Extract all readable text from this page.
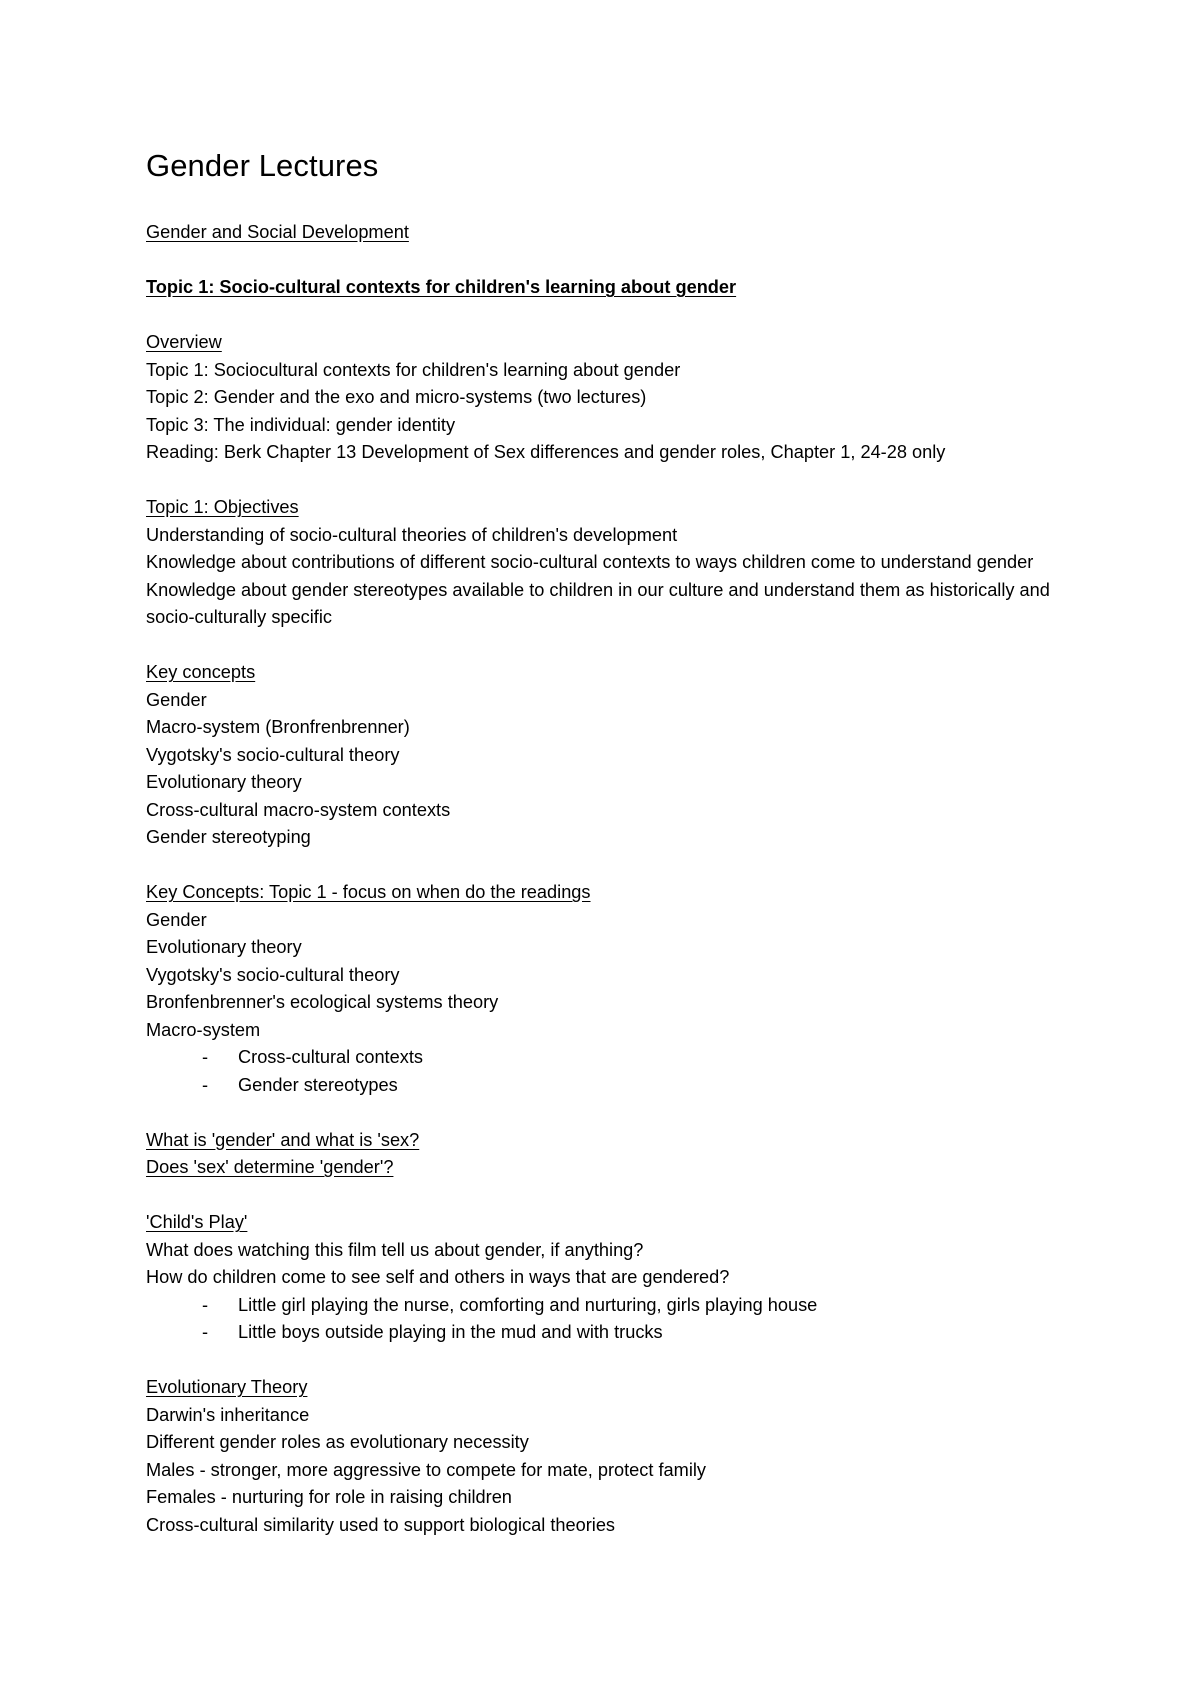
Gender Lectures

Gender and Social Development

Topic 1: Socio-cultural contexts for children's learning about gender

Overview

Topic 1: Sociocultural contexts for children's learning about gender

Topic 2: Gender and the exo and micro-systems (two lectures)

Topic 3: The individual: gender identity

Reading: Berk Chapter 13 Development of Sex differences and gender roles, Chapter 1, 24-28 only

Topic 1: Objectives

Understanding of socio-cultural theories of children's development

Knowledge about contributions of different socio-cultural contexts to ways children come to understand gender

Knowledge about gender stereotypes available to children in our culture and understand them as historically and socio-culturally specific

Key concepts

Gender

Macro-system (Bronfrenbrenner)

Vygotsky's socio-cultural theory

Evolutionary theory

Cross-cultural macro-system contexts

Gender stereotyping

Key Concepts: Topic 1 - focus on when do the readings

Gender

Evolutionary theory

Vygotsky's socio-cultural theory

Bronfenbrenner's ecological systems theory

Macro-system

- Cross-cultural contexts

- Gender stereotypes

What is 'gender' and what is 'sex?

Does 'sex' determine 'gender'?

'Child's Play'

What does watching this film tell us about gender, if anything?

How do children come to see self and others in ways that are gendered?

- Little girl playing the nurse, comforting and nurturing, girls playing house

- Little boys outside playing in the mud and with trucks

Evolutionary Theory

Darwin's inheritance

Different gender roles as evolutionary necessity

Males - stronger, more aggressive to compete for mate, protect family

Females - nurturing for role in raising children

Cross-cultural similarity used to support biological theories
